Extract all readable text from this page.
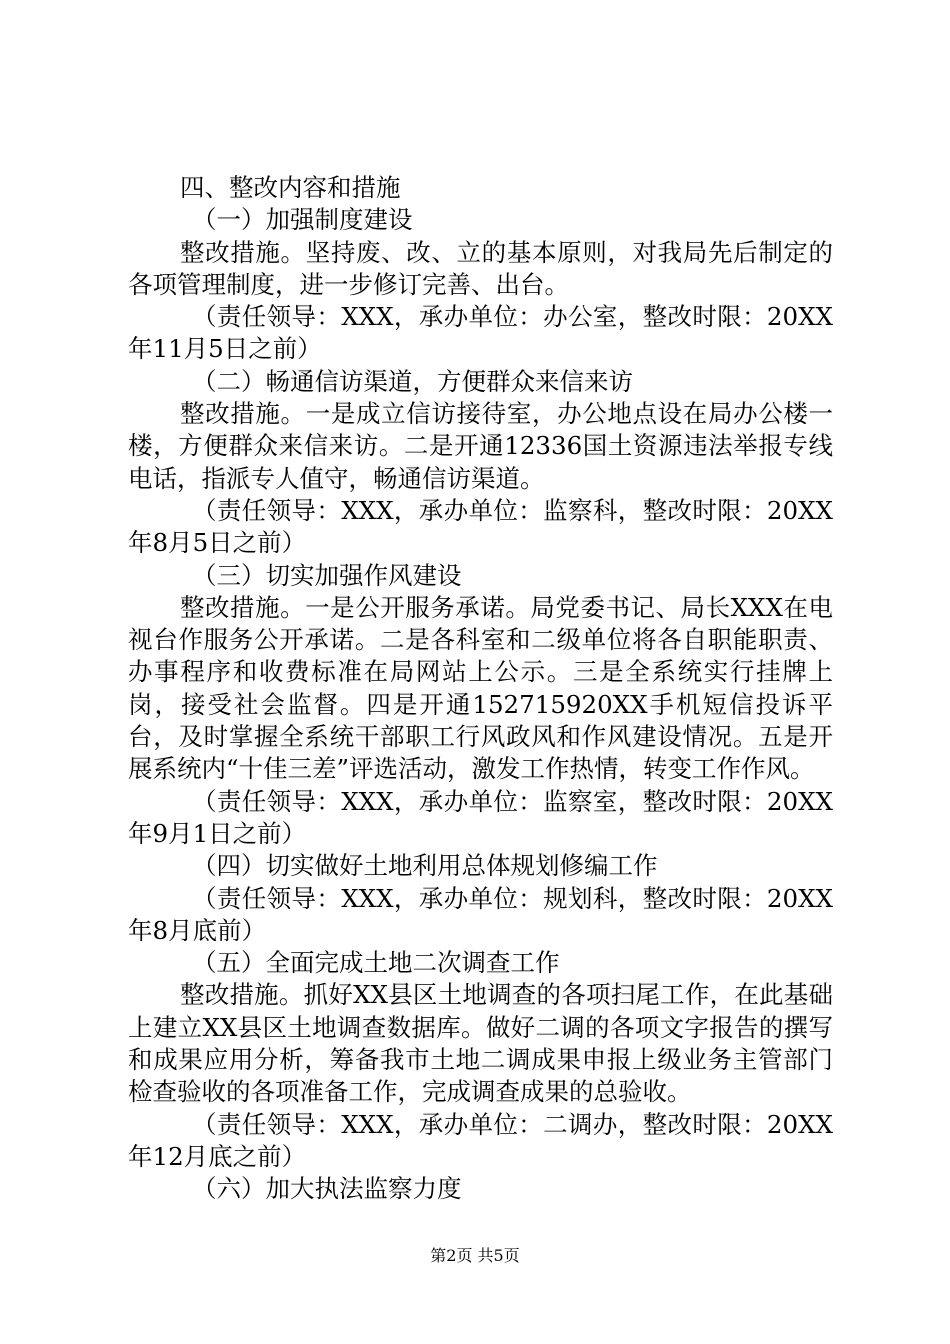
四、整改内容和措施

（一）加强制度建设

整改措施。坚持废、改、立的基本原则，对我局先后制定的各项管理制度，进一步修订完善、出台。

（责任领导：XXX，承办单位：办公室，整改时限：20XX年11月5日之前）

（二）畅通信访渠道，方便群众来信来访

整改措施。一是成立信访接待室，办公地点设在局办公楼一楼，方便群众来信来访。二是开通12336国土资源违法举报专线电话，指派专人值守，畅通信访渠道。

（责任领导：XXX，承办单位：监察科，整改时限：20XX年8月5日之前）

（三）切实加强作风建设

整改措施。一是公开服务承诺。局党委书记、局长XXX在电视台作服务公开承诺。二是各科室和二级单位将各自职能职责、办事程序和收费标准在局网站上公示。三是全系统实行挂牌上岗，接受社会监督。四是开通152715920XX手机短信投诉平台，及时掌握全系统干部职工行风政风和作风建设情况。五是开展系统内“十佳三差”评选活动，激发工作热情，转变工作作风。

（责任领导：XXX，承办单位：监察室，整改时限：20XX年9月1日之前）

（四）切实做好土地利用总体规划修编工作

（责任领导：XXX，承办单位：规划科，整改时限：20XX年8月底前）

（五）全面完成土地二次调查工作

整改措施。抓好XX县区土地调查的各项扫尾工作，在此基础上建立XX县区土地调查数据库。做好二调的各项文字报告的撰写和成果应用分析，筹备我市土地二调成果申报上级业务主管部门检查验收的各项准备工作，完成调查成果的总验收。

（责任领导：XXX，承办单位：二调办，整改时限：20XX年12月底之前）

（六）加大执法监察力度

第2页 共5页
